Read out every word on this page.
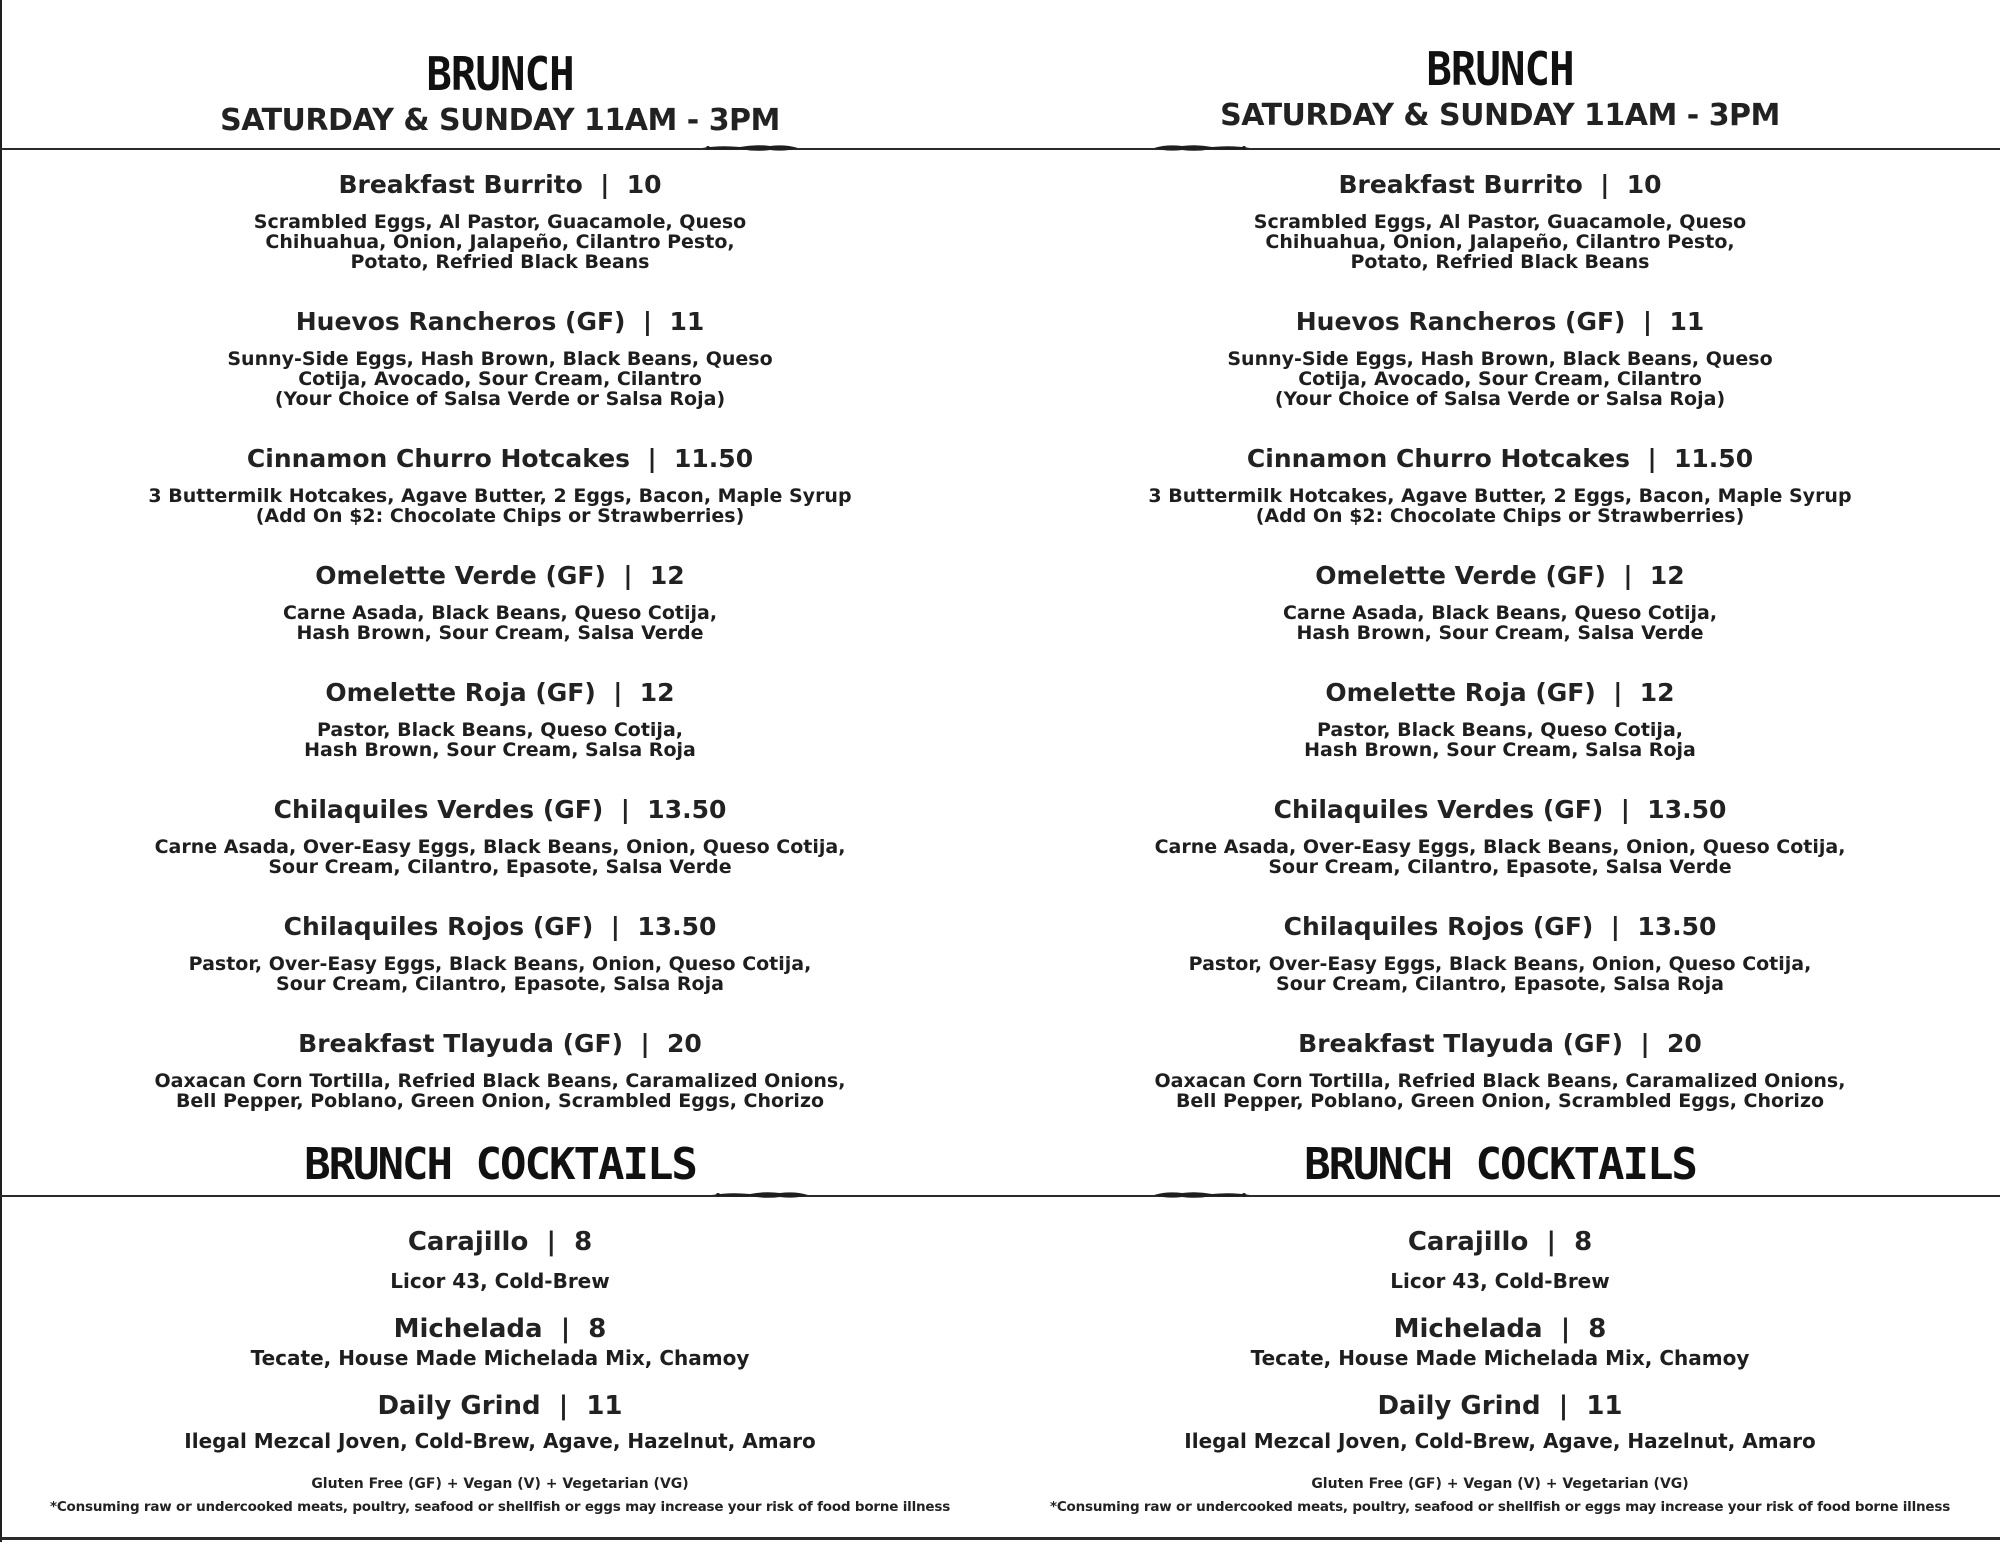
BRUNCH
SATURDAY & SUNDAY 11AM - 3PM
Breakfast Burrito | 10
Scrambled Eggs, Al Pastor, Guacamole, Queso
Chihuahua, Onion, Jalapeño, Cilantro Pesto,
Potato, Refried Black Beans
Huevos Rancheros (GF) | 11
Sunny-Side Eggs, Hash Brown, Black Beans, Queso
Cotija, Avocado, Sour Cream, Cilantro
(Your Choice of Salsa Verde or Salsa Roja)
Cinnamon Churro Hotcakes | 11.50
3 Buttermilk Hotcakes, Agave Butter, 2 Eggs, Bacon, Maple Syrup
(Add On $2: Chocolate Chips or Strawberries)
Omelette Verde (GF) | 12
Carne Asada, Black Beans, Queso Cotija,
Hash Brown, Sour Cream, Salsa Verde
Omelette Roja (GF) | 12
Pastor, Black Beans, Queso Cotija,
Hash Brown, Sour Cream, Salsa Roja
Chilaquiles Verdes (GF) | 13.50
Carne Asada, Over-Easy Eggs, Black Beans, Onion, Queso Cotija,
Sour Cream, Cilantro, Epasote, Salsa Verde
Chilaquiles Rojos (GF) | 13.50
Pastor, Over-Easy Eggs, Black Beans, Onion, Queso Cotija,
Sour Cream, Cilantro, Epasote, Salsa Roja
Breakfast Tlayuda (GF) | 20
Oaxacan Corn Tortilla, Refried Black Beans, Caramalized Onions,
Bell Pepper, Poblano, Green Onion, Scrambled Eggs, Chorizo
BRUNCH COCKTAILS
Carajillo | 8
Licor 43, Cold-Brew
Michelada | 8
Tecate, House Made Michelada Mix, Chamoy
Daily Grind | 11
Ilegal Mezcal Joven, Cold-Brew, Agave, Hazelnut, Amaro
Gluten Free (GF) + Vegan (V) + Vegetarian (VG)
*Consuming raw or undercooked meats, poultry, seafood or shellfish or eggs may increase your risk of food borne illness
BRUNCH
SATURDAY & SUNDAY 11AM - 3PM
Breakfast Burrito | 10
Scrambled Eggs, Al Pastor, Guacamole, Queso
Chihuahua, Onion, Jalapeño, Cilantro Pesto,
Potato, Refried Black Beans
Huevos Rancheros (GF) | 11
Sunny-Side Eggs, Hash Brown, Black Beans, Queso
Cotija, Avocado, Sour Cream, Cilantro
(Your Choice of Salsa Verde or Salsa Roja)
Cinnamon Churro Hotcakes | 11.50
3 Buttermilk Hotcakes, Agave Butter, 2 Eggs, Bacon, Maple Syrup
(Add On $2: Chocolate Chips or Strawberries)
Omelette Verde (GF) | 12
Carne Asada, Black Beans, Queso Cotija,
Hash Brown, Sour Cream, Salsa Verde
Omelette Roja (GF) | 12
Pastor, Black Beans, Queso Cotija,
Hash Brown, Sour Cream, Salsa Roja
Chilaquiles Verdes (GF) | 13.50
Carne Asada, Over-Easy Eggs, Black Beans, Onion, Queso Cotija,
Sour Cream, Cilantro, Epasote, Salsa Verde
Chilaquiles Rojos (GF) | 13.50
Pastor, Over-Easy Eggs, Black Beans, Onion, Queso Cotija,
Sour Cream, Cilantro, Epasote, Salsa Roja
Breakfast Tlayuda (GF) | 20
Oaxacan Corn Tortilla, Refried Black Beans, Caramalized Onions,
Bell Pepper, Poblano, Green Onion, Scrambled Eggs, Chorizo
BRUNCH COCKTAILS
Carajillo | 8
Licor 43, Cold-Brew
Michelada | 8
Tecate, House Made Michelada Mix, Chamoy
Daily Grind | 11
Ilegal Mezcal Joven, Cold-Brew, Agave, Hazelnut, Amaro
Gluten Free (GF) + Vegan (V) + Vegetarian (VG)
*Consuming raw or undercooked meats, poultry, seafood or shellfish or eggs may increase your risk of food borne illness
